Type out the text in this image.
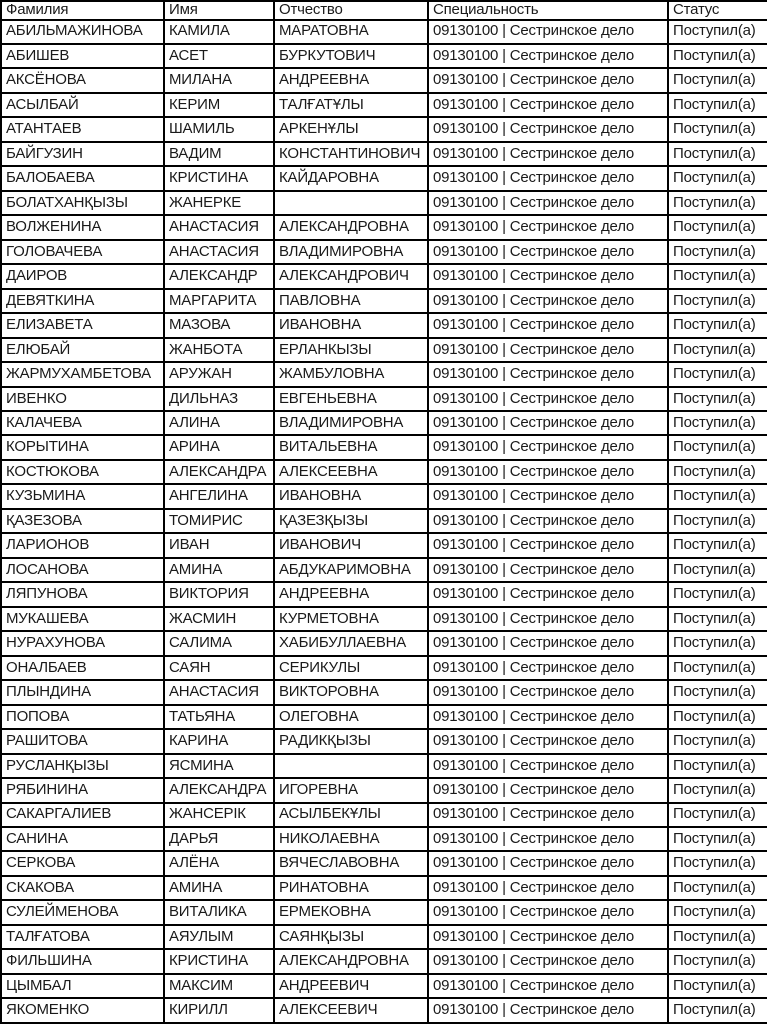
Фамилия	Имя	Отчество	Специальность	Статус
АБИЛЬМАЖИНОВА	КАМИЛА	МАРАТОВНА	09130100 | Сестринское дело	Поступил(а)
АБИШЕВ	АСЕТ	БУРКУТОВИЧ	09130100 | Сестринское дело	Поступил(а)
АКСЁНОВА	МИЛАНА	АНДРЕЕВНА	09130100 | Сестринское дело	Поступил(а)
АСЫЛБАЙ	КЕРИМ	ТАЛҒАТҰЛЫ	09130100 | Сестринское дело	Поступил(а)
АТАНТАЕВ	ШАМИЛЬ	АРКЕНҰЛЫ	09130100 | Сестринское дело	Поступил(а)
БАЙГУЗИН	ВАДИМ	КОНСТАНТИНОВИЧ	09130100 | Сестринское дело	Поступил(а)
БАЛОБАЕВА	КРИСТИНА	КАЙДАРОВНА	09130100 | Сестринское дело	Поступил(а)
БОЛАТХАНҚЫЗЫ	ЖАНЕРКЕ		09130100 | Сестринское дело	Поступил(а)
ВОЛЖЕНИНА	АНАСТАСИЯ	АЛЕКСАНДРОВНА	09130100 | Сестринское дело	Поступил(а)
ГОЛОВАЧЕВА	АНАСТАСИЯ	ВЛАДИМИРОВНА	09130100 | Сестринское дело	Поступил(а)
ДАИРОВ	АЛЕКСАНДР	АЛЕКСАНДРОВИЧ	09130100 | Сестринское дело	Поступил(а)
ДЕВЯТКИНА	МАРГАРИТА	ПАВЛОВНА	09130100 | Сестринское дело	Поступил(а)
ЕЛИЗАВЕТА	МАЗОВА	ИВАНОВНА	09130100 | Сестринское дело	Поступил(а)
ЕЛЮБАЙ	ЖАНБОТА	ЕРЛАНКЫЗЫ	09130100 | Сестринское дело	Поступил(а)
ЖАРМУХАМБЕТОВА	АРУЖАН	ЖАМБУЛОВНА	09130100 | Сестринское дело	Поступил(а)
ИВЕНКО	ДИЛЬНАЗ	ЕВГЕНЬЕВНА	09130100 | Сестринское дело	Поступил(а)
КАЛАЧЕВА	АЛИНА	ВЛАДИМИРОВНА	09130100 | Сестринское дело	Поступил(а)
КОРЫТИНА	АРИНА	ВИТАЛЬЕВНА	09130100 | Сестринское дело	Поступил(а)
КОСТЮКОВА	АЛЕКСАНДРА	АЛЕКСЕЕВНА	09130100 | Сестринское дело	Поступил(а)
КУЗЬМИНА	АНГЕЛИНА	ИВАНОВНА	09130100 | Сестринское дело	Поступил(а)
ҚАЗЕЗОВА	ТОМИРИС	ҚАЗЕЗҚЫЗЫ	09130100 | Сестринское дело	Поступил(а)
ЛАРИОНОВ	ИВАН	ИВАНОВИЧ	09130100 | Сестринское дело	Поступил(а)
ЛОСАНОВА	АМИНА	АБДУКАРИМОВНА	09130100 | Сестринское дело	Поступил(а)
ЛЯПУНОВА	ВИКТОРИЯ	АНДРЕЕВНА	09130100 | Сестринское дело	Поступил(а)
МУКАШЕВА	ЖАСМИН	КУРМЕТОВНА	09130100 | Сестринское дело	Поступил(а)
НУРАХУНОВА	САЛИМА	ХАБИБУЛЛАЕВНА	09130100 | Сестринское дело	Поступил(а)
ОНАЛБАЕВ	САЯН	СЕРИКУЛЫ	09130100 | Сестринское дело	Поступил(а)
ПЛЫНДИНА	АНАСТАСИЯ	ВИКТОРОВНА	09130100 | Сестринское дело	Поступил(а)
ПОПОВА	ТАТЬЯНА	ОЛЕГОВНА	09130100 | Сестринское дело	Поступил(а)
РАШИТОВА	КАРИНА	РАДИКҚЫЗЫ	09130100 | Сестринское дело	Поступил(а)
РУСЛАНҚЫЗЫ	ЯСМИНА		09130100 | Сестринское дело	Поступил(а)
РЯБИНИНА	АЛЕКСАНДРА	ИГОРЕВНА	09130100 | Сестринское дело	Поступил(а)
САКАРГАЛИЕВ	ЖАНСЕРІК	АСЫЛБЕКҰЛЫ	09130100 | Сестринское дело	Поступил(а)
САНИНА	ДАРЬЯ	НИКОЛАЕВНА	09130100 | Сестринское дело	Поступил(а)
СЕРКОВА	АЛЁНА	ВЯЧЕСЛАВОВНА	09130100 | Сестринское дело	Поступил(а)
СКАКОВА	АМИНА	РИНАТОВНА	09130100 | Сестринское дело	Поступил(а)
СУЛЕЙМЕНОВА	ВИТАЛИКА	ЕРМЕКОВНА	09130100 | Сестринское дело	Поступил(а)
ТАЛҒАТОВА	АЯУЛЫМ	САЯНҚЫЗЫ	09130100 | Сестринское дело	Поступил(а)
ФИЛЬШИНА	КРИСТИНА	АЛЕКСАНДРОВНА	09130100 | Сестринское дело	Поступил(а)
ЦЫМБАЛ	МАКСИМ	АНДРЕЕВИЧ	09130100 | Сестринское дело	Поступил(а)
ЯКОМЕНКО	КИРИЛЛ	АЛЕКСЕЕВИЧ	09130100 | Сестринское дело	Поступил(а)
